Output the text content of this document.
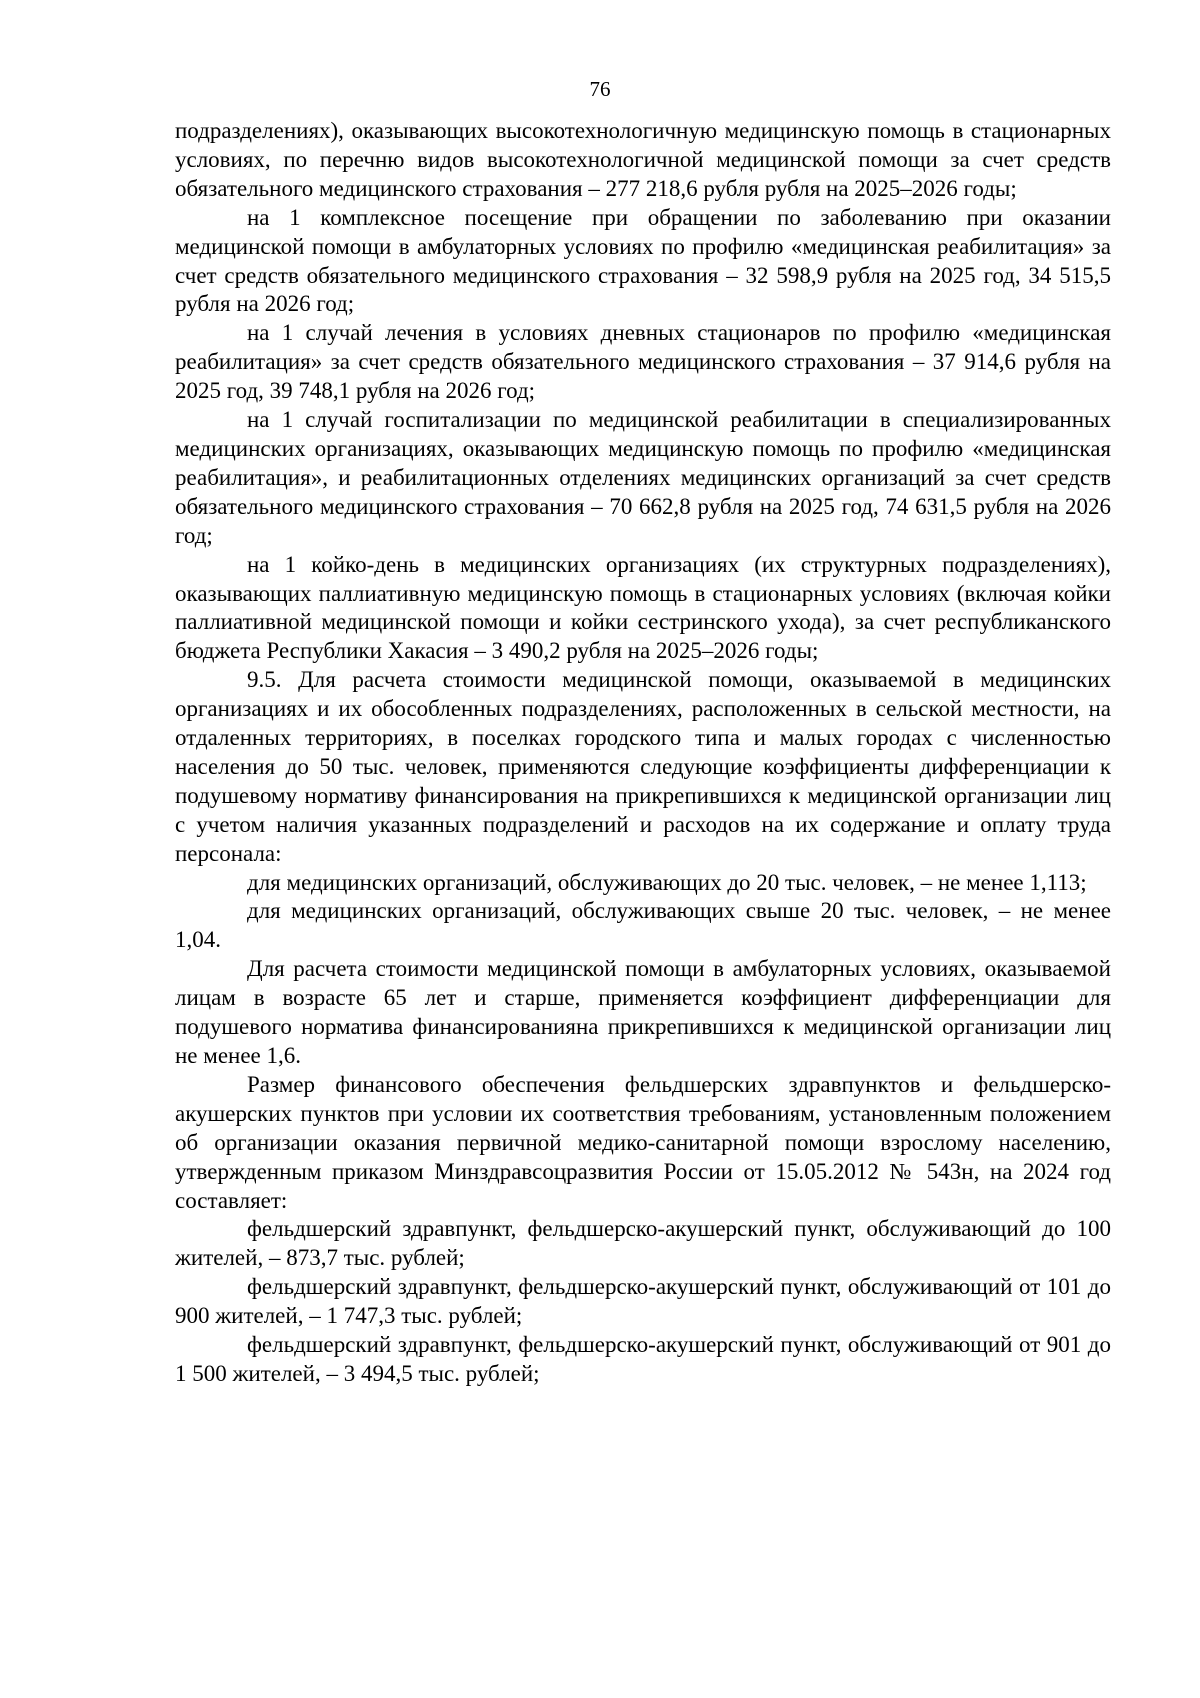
76

подразделениях), оказывающих высокотехнологичную медицинскую помощь в стационарных условиях, по перечню видов высокотехнологичной медицинской помощи за счет средств обязательного медицинского страхования – 277 218,6 рубля рубля на 2025–2026 годы;

на 1 комплексное посещение при обращении по заболеванию при оказании медицинской помощи в амбулаторных условиях по профилю «медицинская реабилитация» за счет средств обязательного медицинского страхования – 32 598,9 рубля на 2025 год, 34 515,5 рубля на 2026 год;

на 1 случай лечения в условиях дневных стационаров по профилю «медицинская реабилитация» за счет средств обязательного медицинского страхования – 37 914,6 рубля на 2025 год, 39 748,1 рубля на 2026 год;

на 1 случай госпитализации по медицинской реабилитации в специализированных медицинских организациях, оказывающих медицинскую помощь по профилю «медицинская реабилитация», и реабилитационных отделениях медицинских организаций за счет средств обязательного медицинского страхования – 70 662,8 рубля на 2025 год, 74 631,5 рубля на 2026 год;

на 1 койко-день в медицинских организациях (их структурных подразделениях), оказывающих паллиативную медицинскую помощь в стационарных условиях (включая койки паллиативной медицинской помощи и койки сестринского ухода), за счет республиканского бюджета Республики Хакасия – 3 490,2 рубля на 2025–2026 годы;

9.5. Для расчета стоимости медицинской помощи, оказываемой в медицинских организациях и их обособленных подразделениях, расположенных в сельской местности, на отдаленных территориях, в поселках городского типа и малых городах с численностью населения до 50 тыс. человек, применяются следующие коэффициенты дифференциации к подушевому нормативу финансирования на прикрепившихся к медицинской организации лиц с учетом наличия указанных подразделений и расходов на их содержание и оплату труда персонала:

для медицинских организаций, обслуживающих до 20 тыс. человек, – не менее 1,113;

для медицинских организаций, обслуживающих свыше 20 тыс. человек, – не менее 1,04.

Для расчета стоимости медицинской помощи в амбулаторных условиях, оказываемой лицам в возрасте 65 лет и старше, применяется коэффициент дифференциации для подушевого норматива финансированияна прикрепившихся к медицинской организации лиц не менее 1,6.

Размер финансового обеспечения фельдшерских здравпунктов и фельдшерско-акушерских пунктов при условии их соответствия требованиям, установленным положением об организации оказания первичной медико-санитарной помощи взрослому населению, утвержденным приказом Минздравсоцразвития России от 15.05.2012 № 543н, на 2024 год составляет:

фельдшерский здравпункт, фельдшерско-акушерский пункт, обслуживающий до 100 жителей, – 873,7 тыс. рублей;

фельдшерский здравпункт, фельдшерско-акушерский пункт, обслуживающий от 101 до 900 жителей, – 1 747,3 тыс. рублей;

фельдшерский здравпункт, фельдшерско-акушерский пункт, обслуживающий от 901 до 1 500 жителей, – 3 494,5 тыс. рублей;
